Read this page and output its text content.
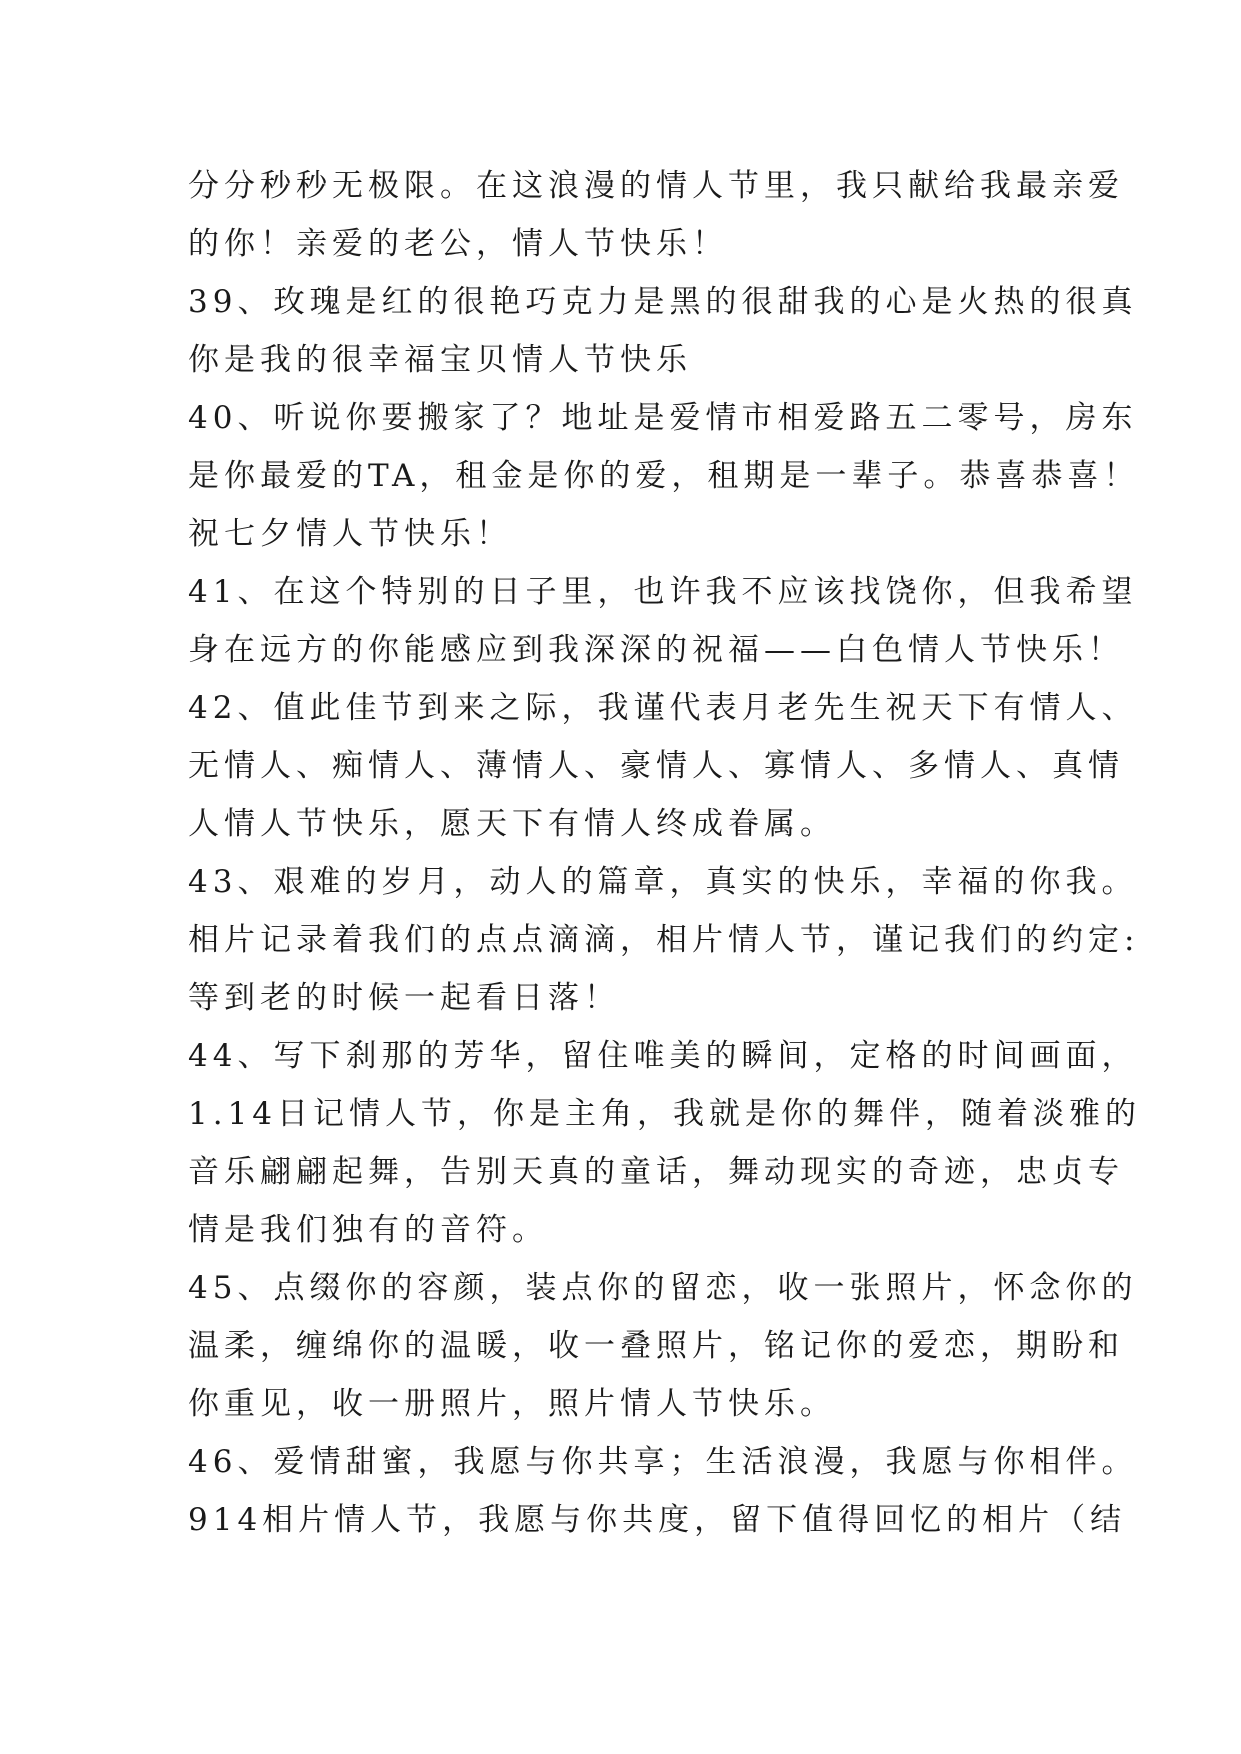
分分秒秒无极限。在这浪漫的情人节里，我只献给我最亲爱
的你！亲爱的老公，情人节快乐！
39、玫瑰是红的很艳巧克力是黑的很甜我的心是火热的很真
你是我的很幸福宝贝情人节快乐
40、听说你要搬家了？地址是爱情市相爱路五二零号，房东
是你最爱的TA，租金是你的爱，租期是一辈子。恭喜恭喜！
祝七夕情人节快乐！
41、在这个特别的日子里，也许我不应该找饶你，但我希望
身在远方的你能感应到我深深的祝福——白色情人节快乐！
42、值此佳节到来之际，我谨代表月老先生祝天下有情人、
无情人、痴情人、薄情人、豪情人、寡情人、多情人、真情
人情人节快乐，愿天下有情人终成眷属。
43、艰难的岁月，动人的篇章，真实的快乐，幸福的你我。
相片记录着我们的点点滴滴，相片情人节，谨记我们的约定:
等到老的时候一起看日落！
44、写下刹那的芳华，留住唯美的瞬间，定格的时间画面，
1.14日记情人节，你是主角，我就是你的舞伴，随着淡雅的
音乐翩翩起舞，告别天真的童话，舞动现实的奇迹，忠贞专
情是我们独有的音符。
45、点缀你的容颜，装点你的留恋，收一张照片，怀念你的
温柔，缠绵你的温暖，收一叠照片，铭记你的爱恋，期盼和
你重见，收一册照片，照片情人节快乐。
46、爱情甜蜜，我愿与你共享；生活浪漫，我愿与你相伴。
914相片情人节，我愿与你共度，留下值得回忆的相片（结
